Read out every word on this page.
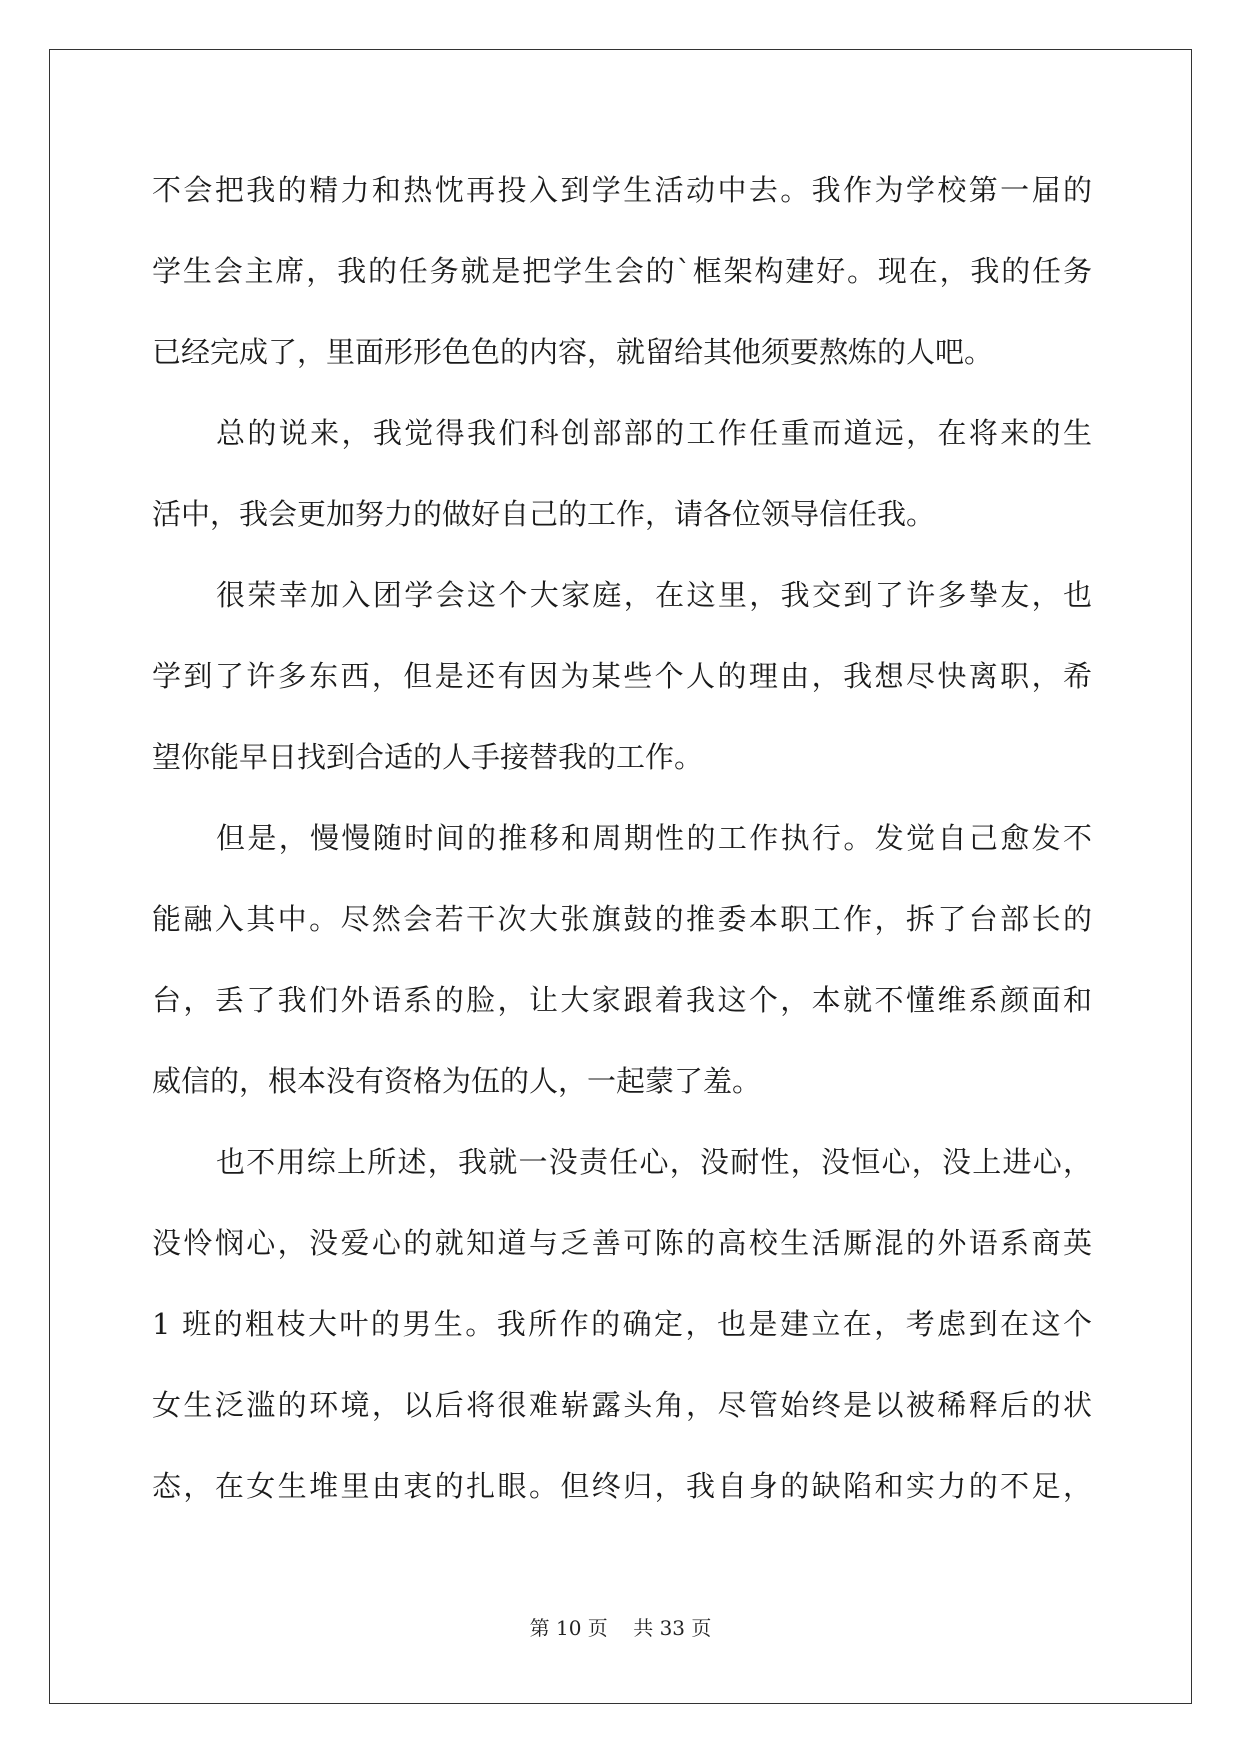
不会把我的精力和热忱再投入到学生活动中去。我作为学校第一届的
学生会主席，我的任务就是把学生会的`框架构建好。现在，我的任务
已经完成了，里面形形色色的内容，就留给其他须要熬炼的人吧。
总的说来，我觉得我们科创部部的工作任重而道远，在将来的生
活中，我会更加努力的做好自己的工作，请各位领导信任我。
很荣幸加入团学会这个大家庭，在这里，我交到了许多挚友，也
学到了许多东西，但是还有因为某些个人的理由，我想尽快离职，希
望你能早日找到合适的人手接替我的工作。
但是，慢慢随时间的推移和周期性的工作执行。发觉自己愈发不
能融入其中。尽然会若干次大张旗鼓的推委本职工作，拆了台部长的
台，丢了我们外语系的脸，让大家跟着我这个，本就不懂维系颜面和
威信的，根本没有资格为伍的人，一起蒙了羞。
也不用综上所述，我就一没责任心，没耐性，没恒心，没上进心，
没怜悯心，没爱心的就知道与乏善可陈的高校生活厮混的外语系商英
1 班的粗枝大叶的男生。我所作的确定，也是建立在，考虑到在这个
女生泛滥的环境，以后将很难崭露头角，尽管始终是以被稀释后的状
态，在女生堆里由衷的扎眼。但终归，我自身的缺陷和实力的不足，
第 10 页 共 33 页
